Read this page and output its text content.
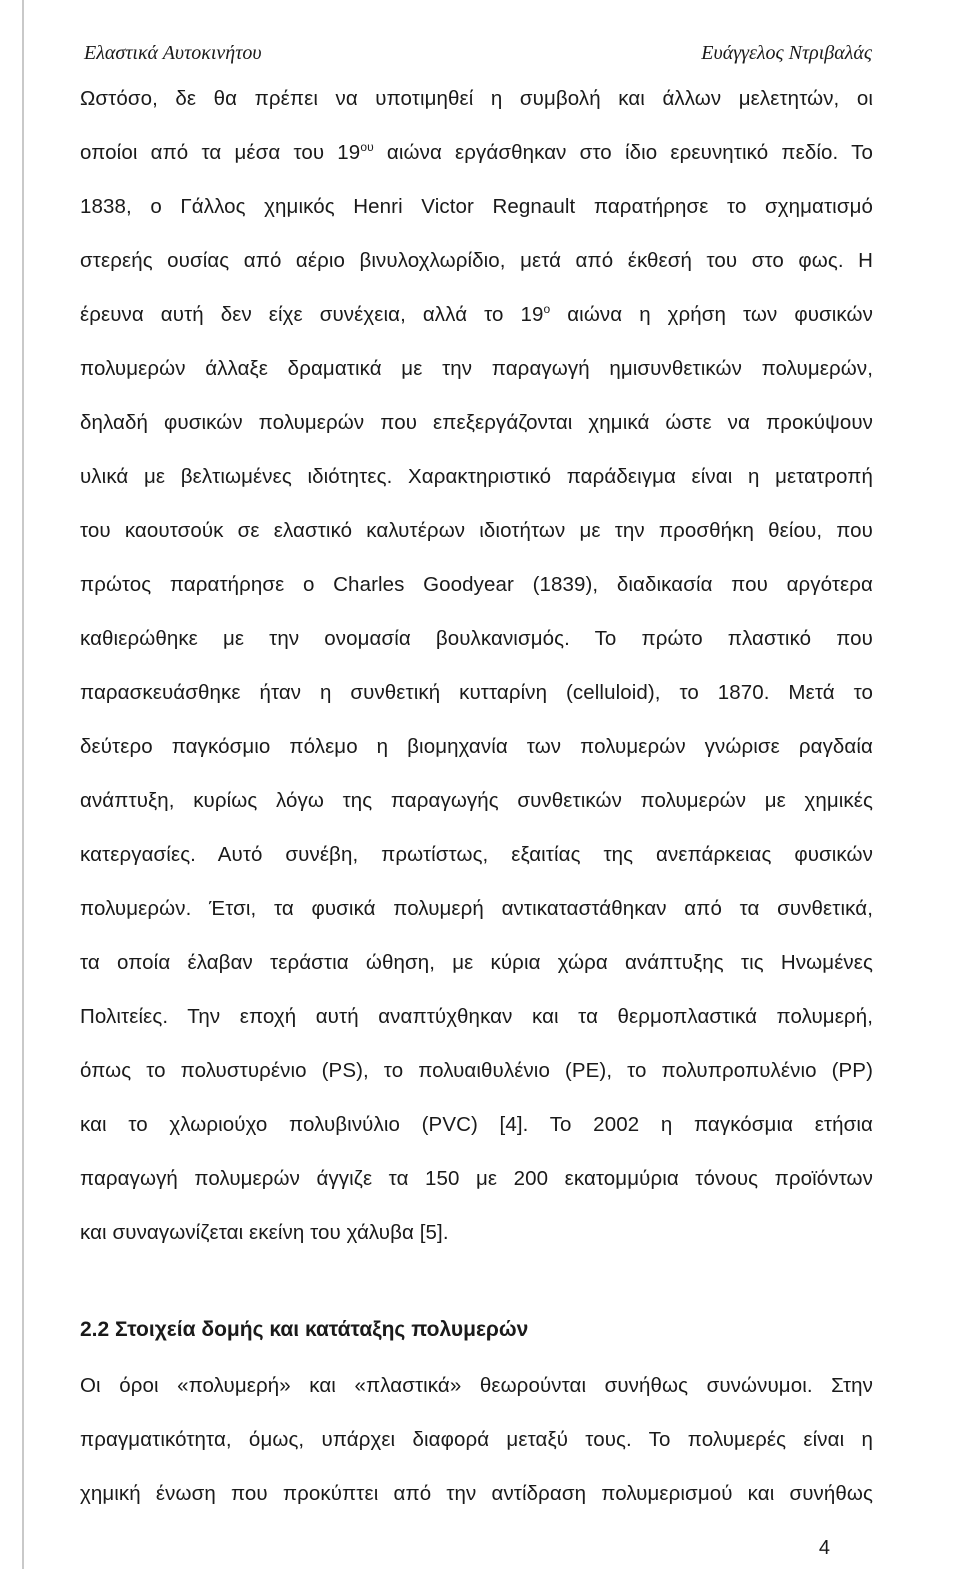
Ελαστικά Αυτοκινήτου	Ευάγγελος Ντριβαλάς
Ωστόσο, δε θα πρέπει να υποτιμηθεί η συμβολή και άλλων μελετητών, οι
οποίοι από τα μέσα του $19^{o\upsilon}$ αιώνα εργάσθηκαν στο ίδιο ερευνητικό πεδίο. Το
1838, ο Γάλλος χημικός Henri Victor Regnault παρατήρησε το σχηματισμό
στερεής ουσίας από αέριο βινυλοχλωρίδιο, μετά από έκθεσή του στο φως. Η
έρευνα αυτή δεν είχε συνέχεια, αλλά το $19^o$ αιώνα η χρήση των φυσικών
πολυμερών άλλαξε δραματικά με την παραγωγή ημισυνθετικών πολυμερών,
δηλαδή φυσικών πολυμερών που επεξεργάζονται χημικά ώστε να προκύψουν
υλικά με βελτιωμένες ιδιότητες. Χαρακτηριστικό παράδειγμα είναι η μετατροπή
του καουτσούκ σε ελαστικό καλυτέρων ιδιοτήτων με την προσθήκη θείου, που
πρώτος παρατήρησε ο Charles Goodyear (1839), διαδικασία που αργότερα
καθιερώθηκε με την ονομασία βουλκανισμός. Το πρώτο πλαστικό που
παρασκευάσθηκε ήταν η συνθετική κυτταρίνη (celluloid), το 1870. Μετά το
δεύτερο παγκόσμιο πόλεμο η βιομηχανία των πολυμερών γνώρισε ραγδαία
ανάπτυξη, κυρίως λόγω της παραγωγής συνθετικών πολυμερών με χημικές
κατεργασίες. Αυτό συνέβη, πρωτίστως, εξαιτίας της ανεπάρκειας φυσικών
πολυμερών. Έτσι, τα φυσικά πολυμερή αντικαταστάθηκαν από τα συνθετικά,
τα οποία έλαβαν τεράστια ώθηση, με κύρια χώρα ανάπτυξης τις Ηνωμένες
Πολιτείες. Την εποχή αυτή αναπτύχθηκαν και τα θερμοπλαστικά πολυμερή,
όπως το πολυστυρένιο (PS), το πολυαιθυλένιο (PE), το πολυπροπυλένιο (PP)
και το χλωριούχο πολυβινύλιο (PVC) [4]. Το 2002 η παγκόσμια ετήσια
παραγωγή πολυμερών άγγιζε τα 150 με 200 εκατομμύρια τόνους προϊόντων
και συναγωνίζεται εκείνη του χάλυβα [5].
2.2 Στοιχεία δομής και κατάταξης πολυμερών
Οι όροι «πολυμερή» και «πλαστικά» θεωρούνται συνήθως συνώνυμοι. Στην
πραγματικότητα, όμως, υπάρχει διαφορά μεταξύ τους. Το πολυμερές είναι η
χημική ένωση που προκύπτει από την αντίδραση πολυμερισμού και συνήθως
4
